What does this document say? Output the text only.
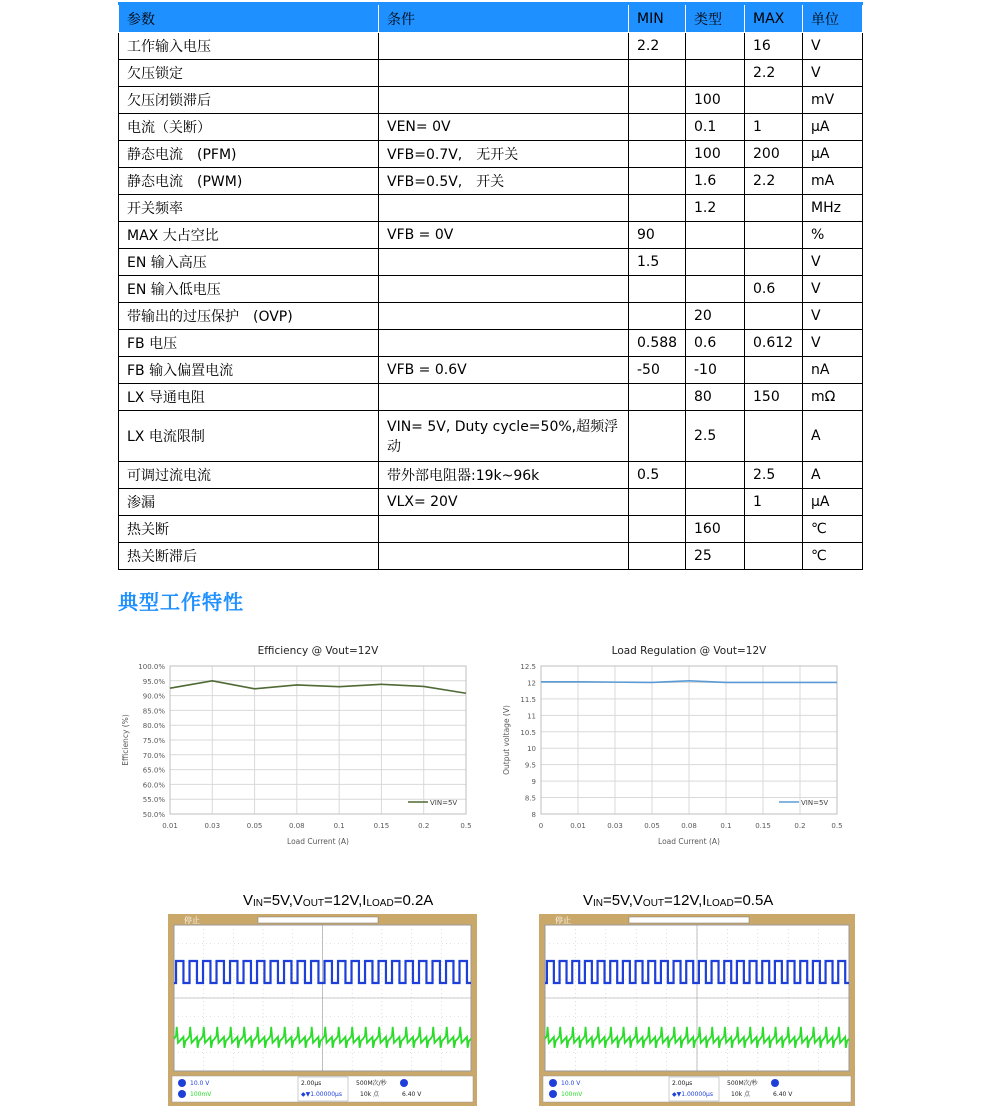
参数	条件	MIN	类型	MAX	单位
工作输入电压		2.2		16	V
欠压锁定				2.2	V
欠压闭锁滞后			100		mV
电流（关断）	VEN= 0V		0.1	1	μA
静态电流　(PFM)	VFB=0.7V,　无开关		100	200	μA
静态电流　(PWM)	VFB=0.5V,　开关		1.6	2.2	mA
开关频率			1.2		MHz
MAX 大占空比	VFB = 0V	90			%
EN 输入高压		1.5			V
EN 输入低电压				0.6	V
带输出的过压保护　(OVP)			20		V
FB 电压		0.588	0.6	0.612	V
FB 输入偏置电流	VFB = 0.6V	-50	-10		nA
LX 导通电阻			80	150	mΩ
LX 电流限制	VIN= 5V, Duty cycle=50%,超频浮动		2.5		A
可调过流电流	带外部电阻器:19k~96k	0.5		2.5	A
渗漏	VLX= 20V			1	μA
热关断			160		℃
热关断滞后			25		℃
典型工作特性
Efficiency @ Vout=12V
50.0%
55.0%
60.0%
65.0%
70.0%
75.0%
80.0%
85.0%
90.0%
95.0%
100.0%
0.01	0.03	0.05	0.08	0.1	0.15	0.2	0.5
VIN=5V
Load Current (A)
Efficiency (%)
Load Regulation @ Vout=12V
8
8.5
9
9.5
10
10.5
11
11.5
12
12.5
0	0.01	0.03	0.05	0.08	0.1	0.15	0.2	0.5
VIN=5V
Load Current (A)
Output voltage (V)
$V_{IN}=5V,V_{OUT}=12V,I_{LOAD}=0.2A$	$V_{IN}=5V,V_{OUT}=12V,I_{LOAD}=0.5A$
停止
10.0 V
100mV
2.00μs
◆▼1.00000μs
500M次/秒
10k 点	6.40 V
停止
10.0 V
100mV
2.00μs
◆▼1.00000μs
500M次/秒
10k 点	6.40 V
